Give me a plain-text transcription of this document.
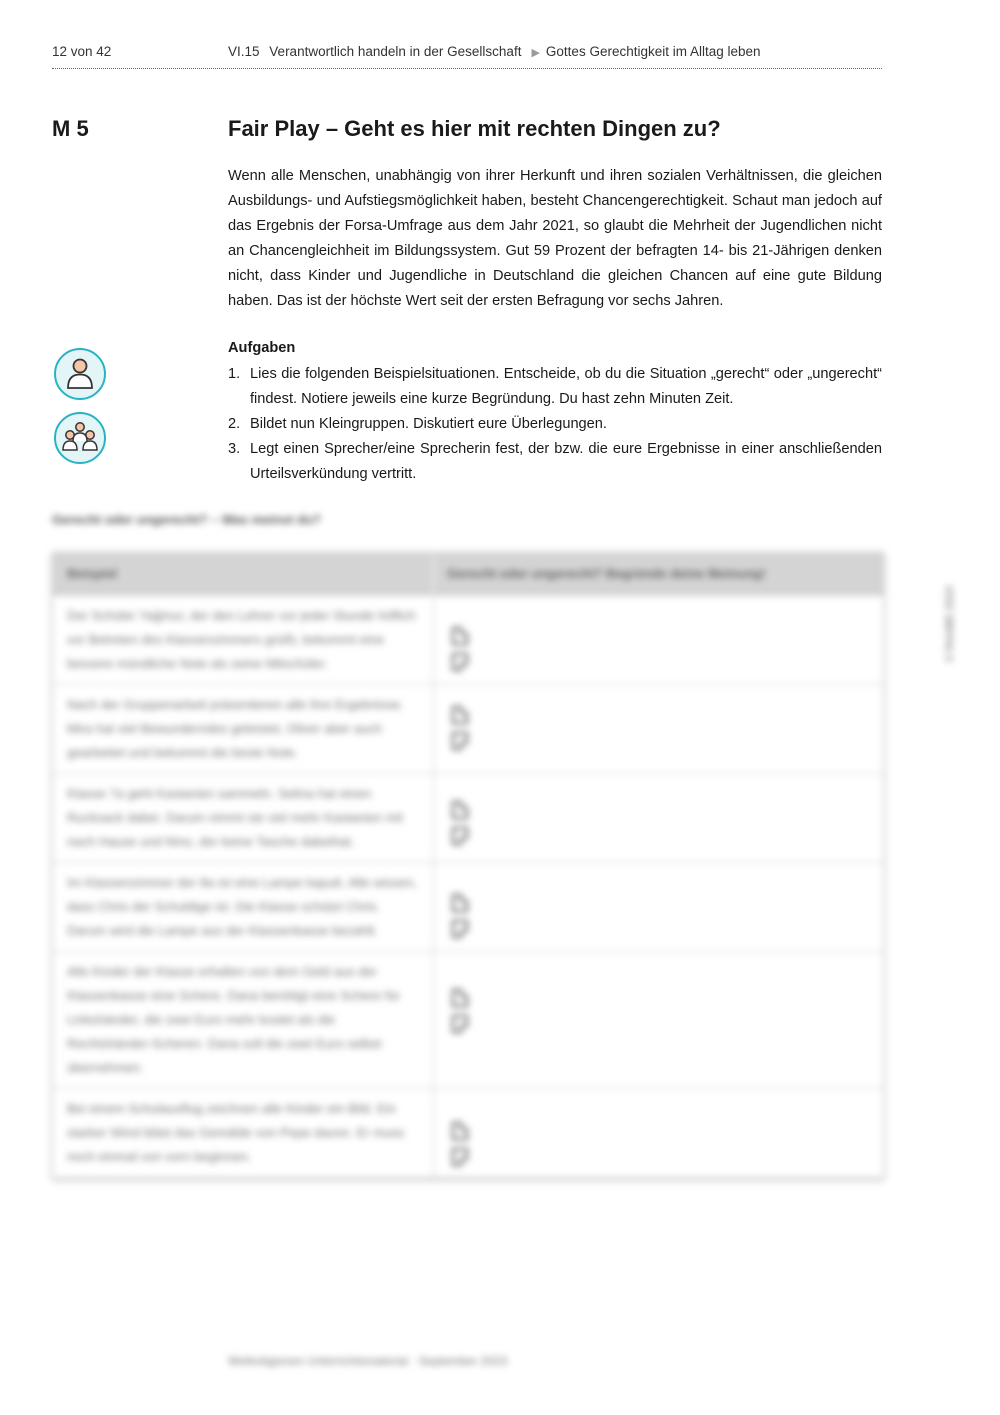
12 von 42	VI.15 Verantwortlich handeln in der Gesellschaft ▶ Gottes Gerechtigkeit im Alltag leben
M 5	Fair Play – Geht es hier mit rechten Dingen zu?
Wenn alle Menschen, unabhängig von ihrer Herkunft und ihren sozialen Verhältnissen, die gleichen Ausbildungs- und Aufstiegsmöglichkeit haben, besteht Chancengerechtigkeit. Schaut man jedoch auf das Ergebnis der Forsa-Umfrage aus dem Jahr 2021, so glaubt die Mehrheit der Jugendlichen nicht an Chancengleichheit im Bildungssystem. Gut 59 Prozent der befragten 14- bis 21-Jährigen denken nicht, dass Kinder und Jugendliche in Deutschland die gleichen Chancen auf eine gute Bildung haben. Das ist der höchste Wert seit der ersten Befragung vor sechs Jahren.
Aufgaben
1. Lies die folgenden Beispielsituationen. Entscheide, ob du die Situation „gerecht“ oder „ungerecht“ findest. Notiere jeweils eine kurze Begründung. Du hast zehn Minuten Zeit.
2. Bildet nun Kleingruppen. Diskutiert eure Überlegungen.
3. Legt einen Sprecher/eine Sprecherin fest, der bzw. die eure Ergebnisse in einer anschließenden Urteilsverkündung vertritt.
Gerecht oder ungerecht? – Was meinst du?
Beispiel	Gerecht oder ungerecht? Begründe deine Meinung!
Der Schüler Yağmur, der den Lehrer vor jeder Stunde höflich vor Betreten des Klassenzimmers grüßt, bekommt eine bessere mündliche Note als seine Mitschüler.
Nach der Gruppenarbeit präsentieren alle ihre Ergebnisse. Mira hat viel Bewunderndes geleistet, Oliver aber auch gearbeitet und bekommt die beste Note.
Klasse 7a geht Kastanien sammeln. Selina hat einen Rucksack dabei. Darum nimmt sie viel mehr Kastanien mit nach Hause und Nino, der keine Tasche dabeihat.
Im Klassenzimmer der 8a ist eine Lampe kaputt. Alle wissen, dass Chris der Schuldige ist. Die Klasse schützt Chris. Darum wird die Lampe aus der Klassenkasse bezahlt.
Alle Kinder der Klasse erhalten von dem Geld aus der Klassenkasse eine Schere. Dana benötigt eine Schere für Linkshänder, die zwei Euro mehr kostet als die Rechtshänder-Scheren. Dana soll die zwei Euro selbst übernehmen.
Bei einem Schulausflug zeichnen alle Kinder ein Bild. Ein starker Wind bläst das Gemälde von Pepe davon. Er muss noch einmal von vorn beginnen.
© RAABE 2023
Weltreligionen Unterrichtsmaterial · September 2023
